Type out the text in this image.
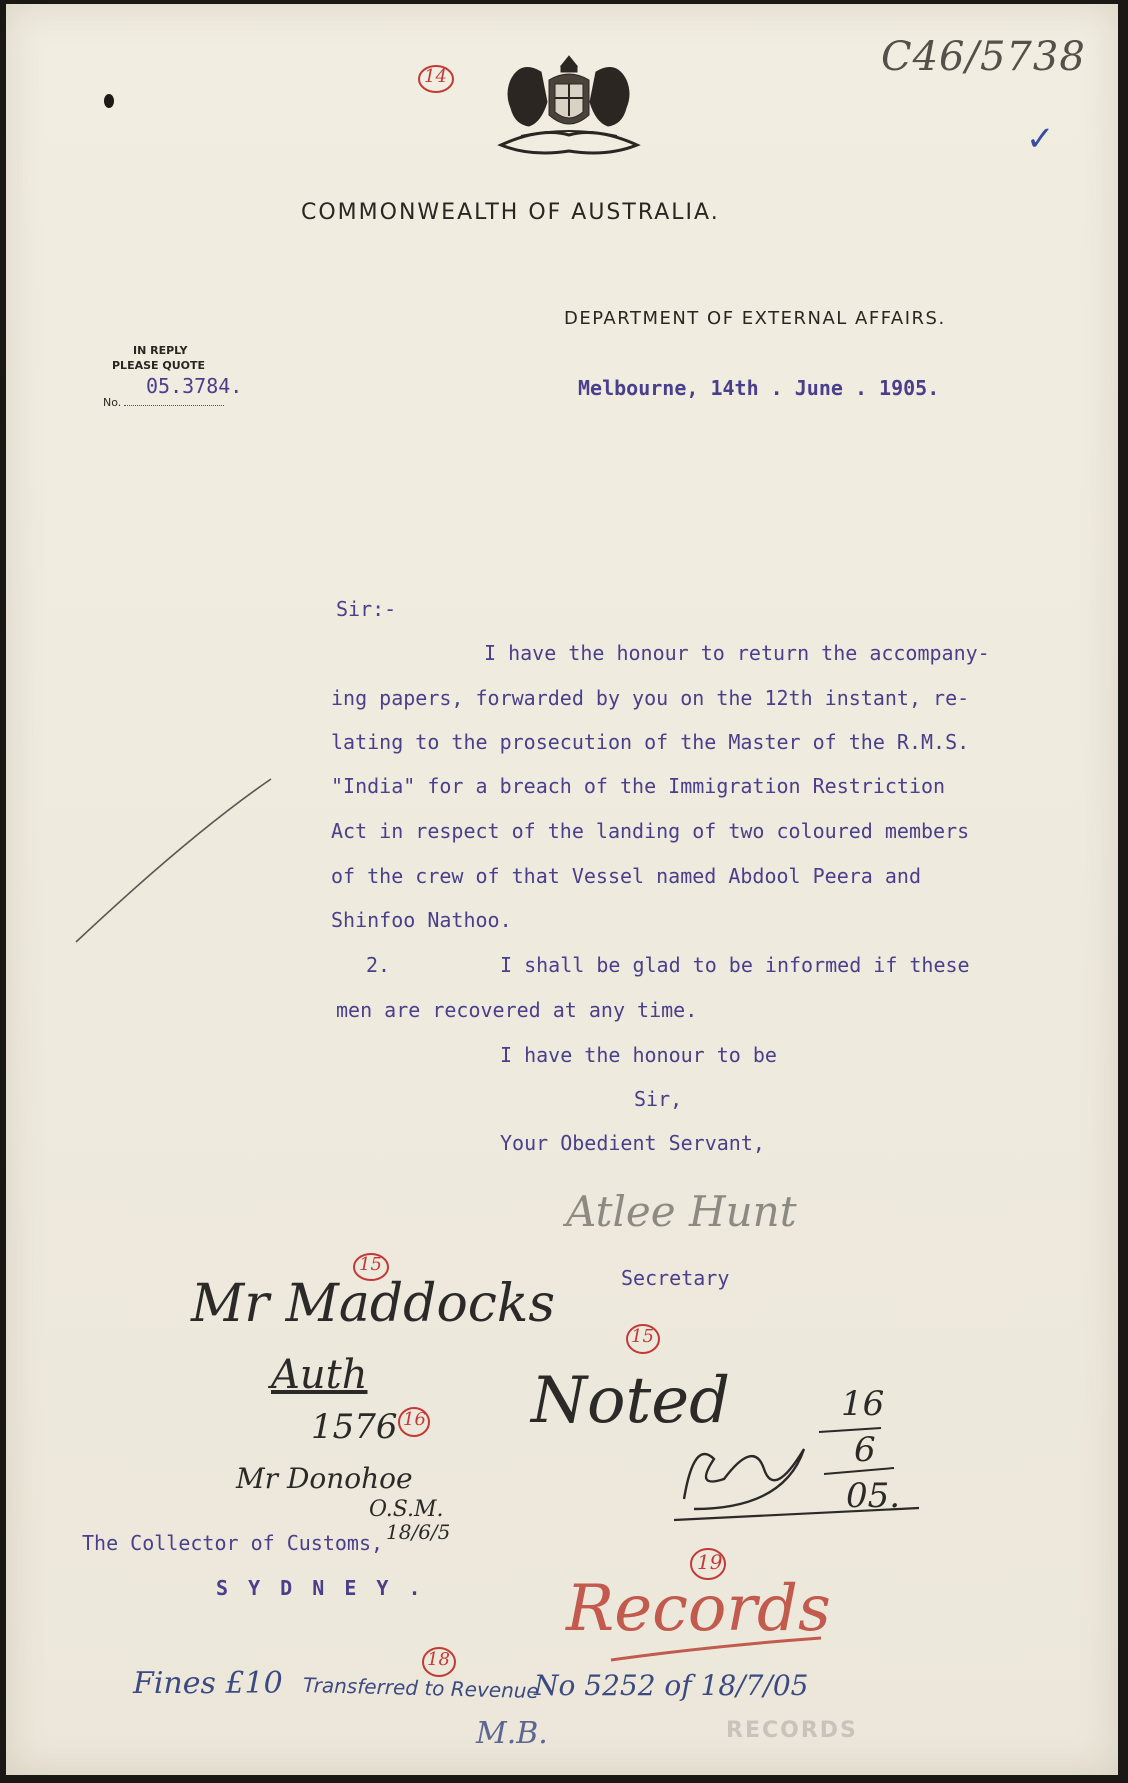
14	C46/5738
✓
COMMONWEALTH OF AUSTRALIA.
DEPARTMENT OF EXTERNAL AFFAIRS.
IN REPLY
PLEASE QUOTE
No.
05.3784.	Melbourne, 14th . June . 1905.
Sir:-
I have the honour to return the accompany-
ing papers, forwarded by you on the 12th instant, re-
lating to the prosecution of the Master of the R.M.S.
"India" for a breach of the Immigration Restriction
Act in respect of the landing of two coloured members
of the crew of that Vessel named Abdool Peera and
Shinfoo Nathoo.
2.	I shall be glad to be informed if these
men are recovered at any time.
I have the honour to be
Sir,
Your Obedient Servant,
Atlee Hunt
Secretary
15
Mr Maddocks
Auth
1576 16
Mr Donohoe
O.S.M.
18/6/5
15
Noted	16
6
05.
The Collector of Customs,
S Y D N E Y .
19
Records
Fines £10
18
Transferred to Revenue
No 5252 of 18/7/05
M.B.	RECORDS
